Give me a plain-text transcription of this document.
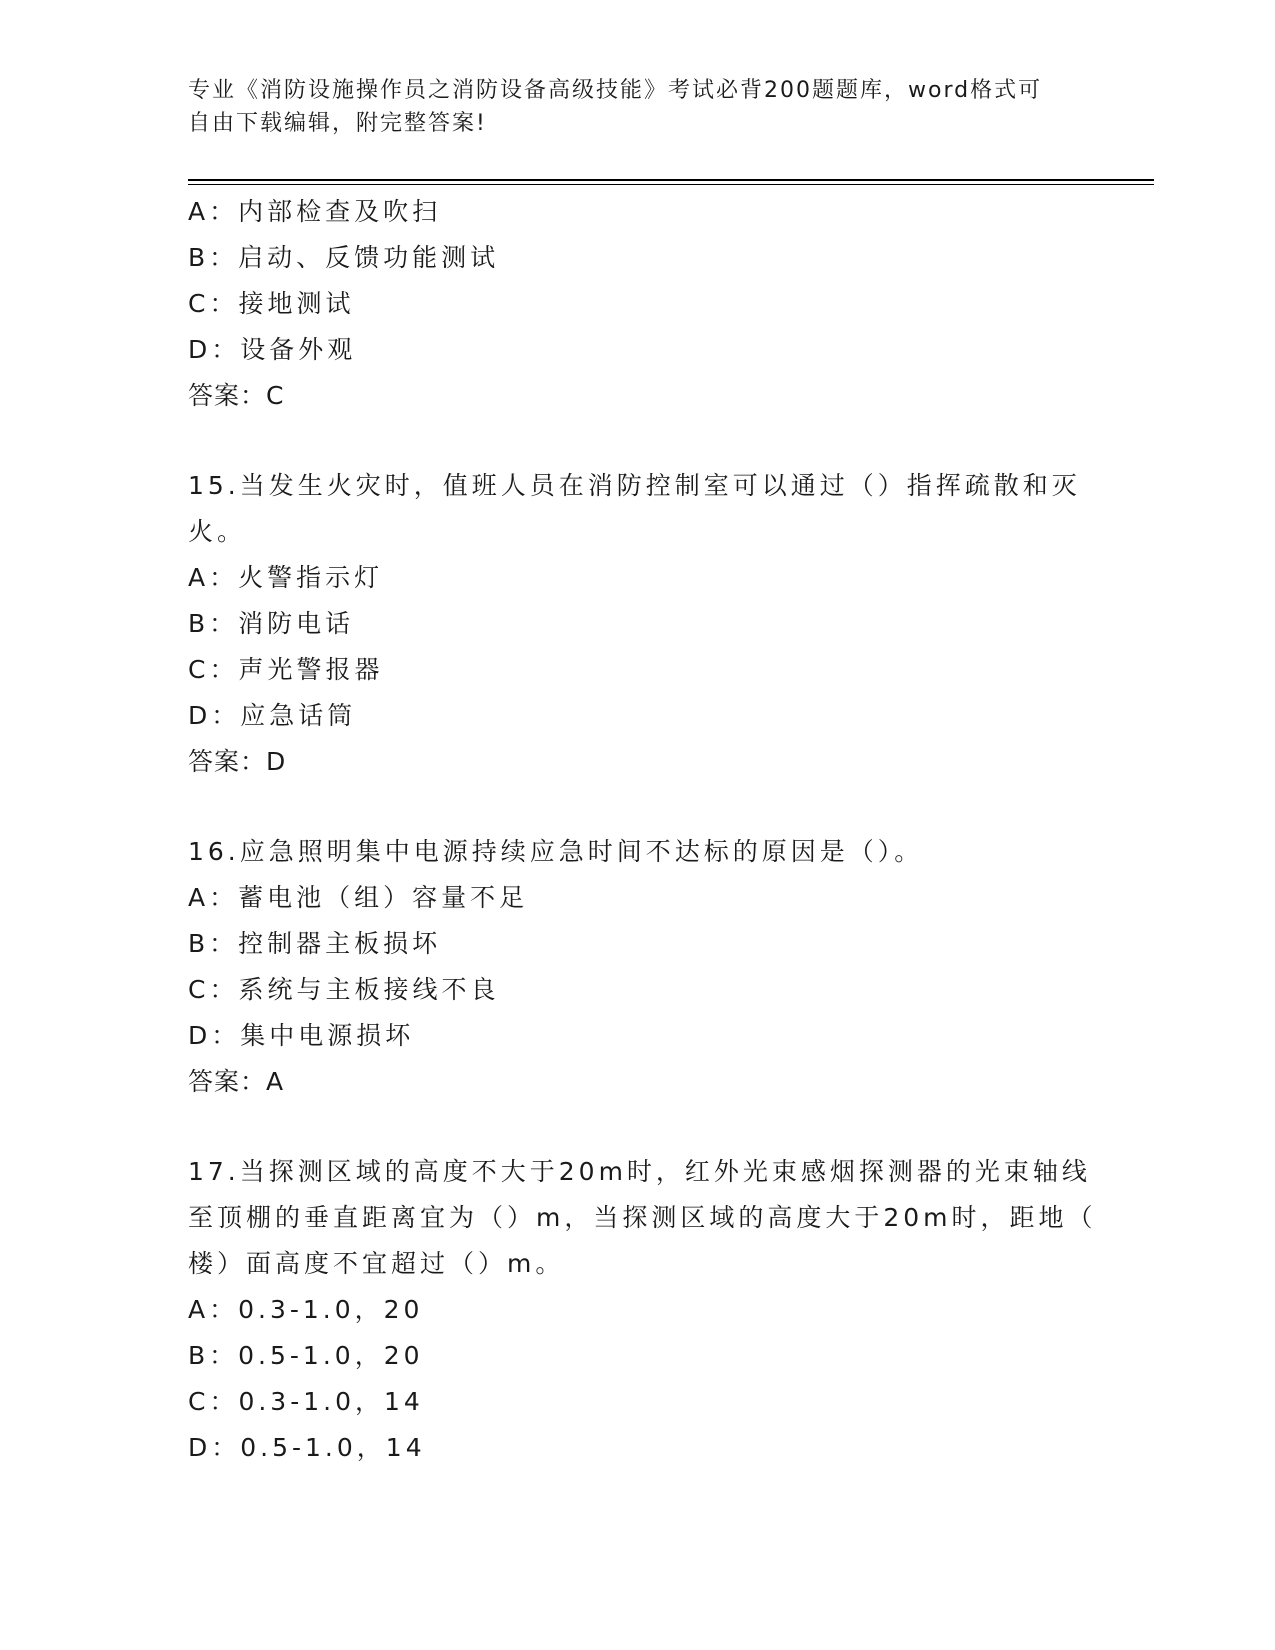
专业《消防设施操作员之消防设备高级技能》考试必背200题题库，word格式可
自由下载编辑，附完整答案!
A：内部检查及吹扫
B：启动、反馈功能测试
C：接地测试
D：设备外观
答案：C
15.当发生火灾时，值班人员在消防控制室可以通过（）指挥疏散和灭
火。
A：火警指示灯
B：消防电话
C：声光警报器
D：应急话筒
答案：D
16.应急照明集中电源持续应急时间不达标的原因是（）。
A：蓄电池（组）容量不足
B：控制器主板损坏
C：系统与主板接线不良
D：集中电源损坏
答案：A
17.当探测区域的高度不大于20m时，红外光束感烟探测器的光束轴线
至顶棚的垂直距离宜为（）m，当探测区域的高度大于20m时，距地（
楼）面高度不宜超过（）m。
A：0.3-1.0，20
B：0.5-1.0，20
C：0.3-1.0，14
D：0.5-1.0，14
